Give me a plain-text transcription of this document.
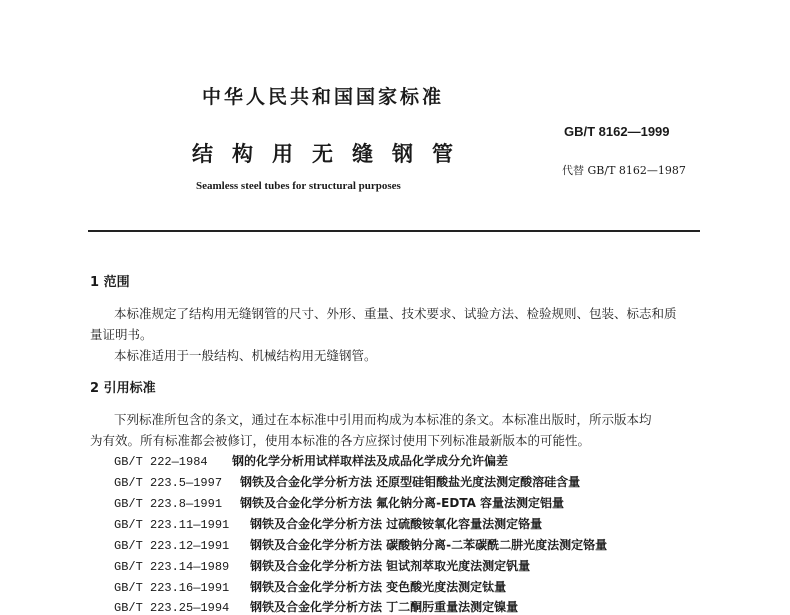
中华人民共和国国家标准
结构用无缝钢管
Seamless steel tubes for structural purposes
GB/T 8162—1999
代替 GB/T 8162—1987
1 范围
本标准规定了结构用无缝钢管的尺寸、外形、重量、技术要求、试验方法、检验规则、包装、标志和质
量证明书。
本标准适用于一般结构、机械结构用无缝钢管。
2 引用标准
下列标准所包含的条文，通过在本标准中引用而构成为本标准的条文。本标准出版时，所示版本均
为有效。所有标准都会被修订，使用本标准的各方应探讨使用下列标准最新版本的可能性。
GB/T 222—1984 钢的化学分析用试样取样法及成品化学成分允许偏差
GB/T 223.5—1997 钢铁及合金化学分析方法 还原型硅钼酸盐光度法测定酸溶硅含量
GB/T 223.8—1991 钢铁及合金化学分析方法 氟化钠分离-EDTA 容量法测定铝量
GB/T 223.11—1991 钢铁及合金化学分析方法 过硫酸铵氧化容量法测定铬量
GB/T 223.12—1991 钢铁及合金化学分析方法 碳酸钠分离-二苯碳酰二肼光度法测定铬量
GB/T 223.14—1989 钢铁及合金化学分析方法 钽试剂萃取光度法测定钒量
GB/T 223.16—1991 钢铁及合金化学分析方法 变色酸光度法测定钛量
GB/T 223.25—1994 钢铁及合金化学分析方法 丁二酮肟重量法测定镍量
